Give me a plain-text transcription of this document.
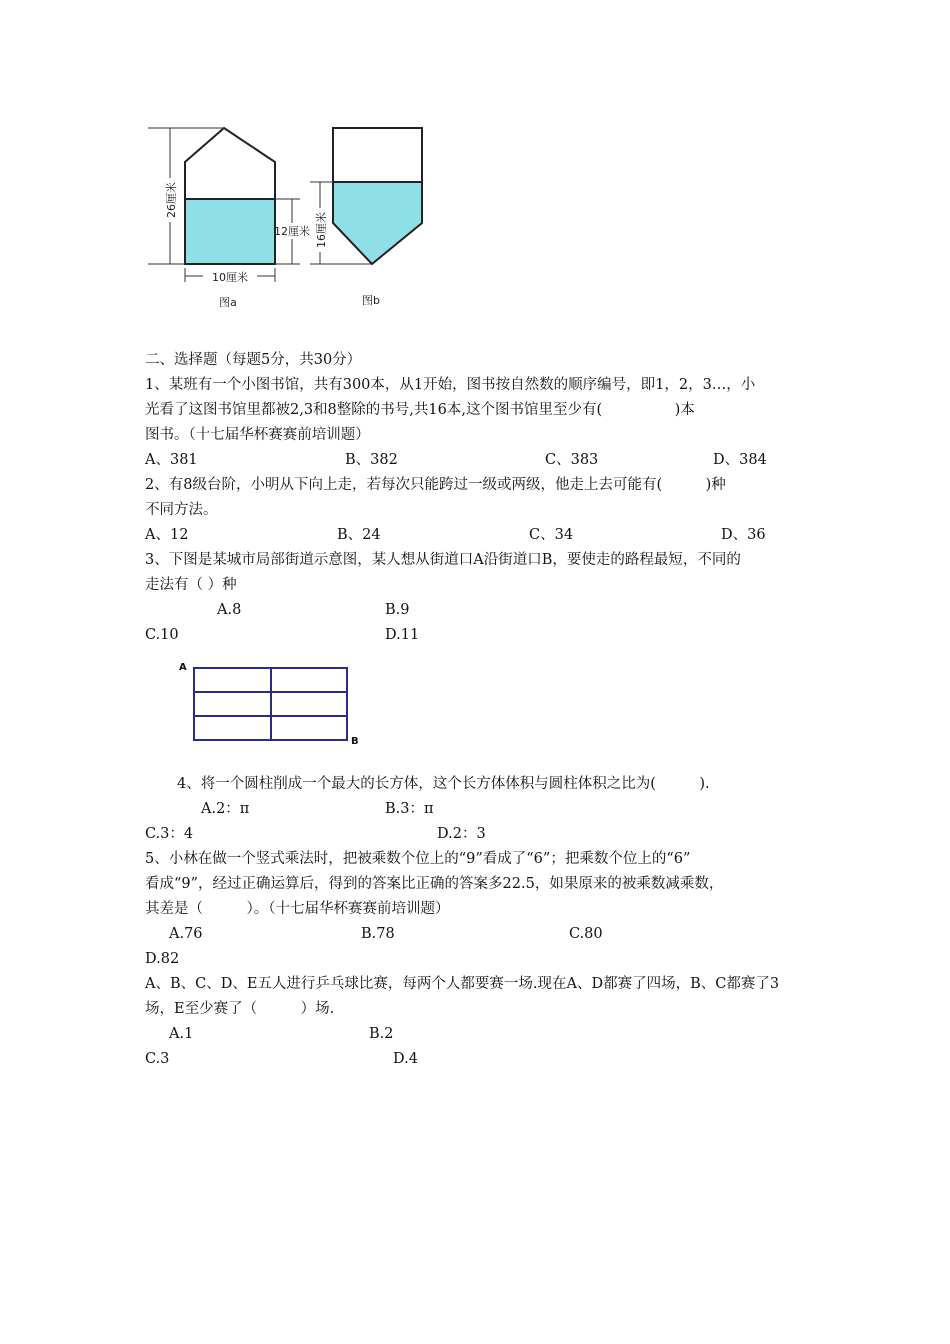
26厘米
12厘米
10厘米
图a
16厘米
图b
二、选择题（每题5分，共30分）
1、某班有一个小图书馆，共有300本，从1开始，图书按自然数的顺序编号，即1，2，3…，小
光看了这图书馆里都被2,3和8整除的书号,共16本,这个图书馆里至少有(　　　　　)本
图书。（十七届华杯赛赛前培训题）
A、381	B、382	C、383	D、384
2、有8级台阶，小明从下向上走，若每次只能跨过一级或两级，他走上去可能有(　　　)种
不同方法。
A、12	B、24	C、34	D、36
3、下图是某城市局部街道示意图，某人想从街道口A沿街道口B，要使走的路程最短，不同的
走法有（ ）种
A.8	B.9
C.10	D.11
A
B
4、将一个圆柱削成一个最大的长方体，这个长方体体积与圆柱体积之比为(　　　).
A.2：π	B.3：π
C.3：4	D.2：3
5、小林在做一个竖式乘法时，把被乘数个位上的“9”看成了“6”；把乘数个位上的“6”
看成“9”，经过正确运算后，得到的答案比正确的答案多22.5，如果原来的被乘数减乘数，
其差是（　　　）。（十七届华杯赛赛前培训题）
A.76	B.78	C.80
D.82
A、B、C、D、E五人进行乒乓球比赛，每两个人都要赛一场.现在A、D都赛了四场，B、C都赛了3
场，E至少赛了（　　　）场.
A.1	B.2
C.3	D.4
